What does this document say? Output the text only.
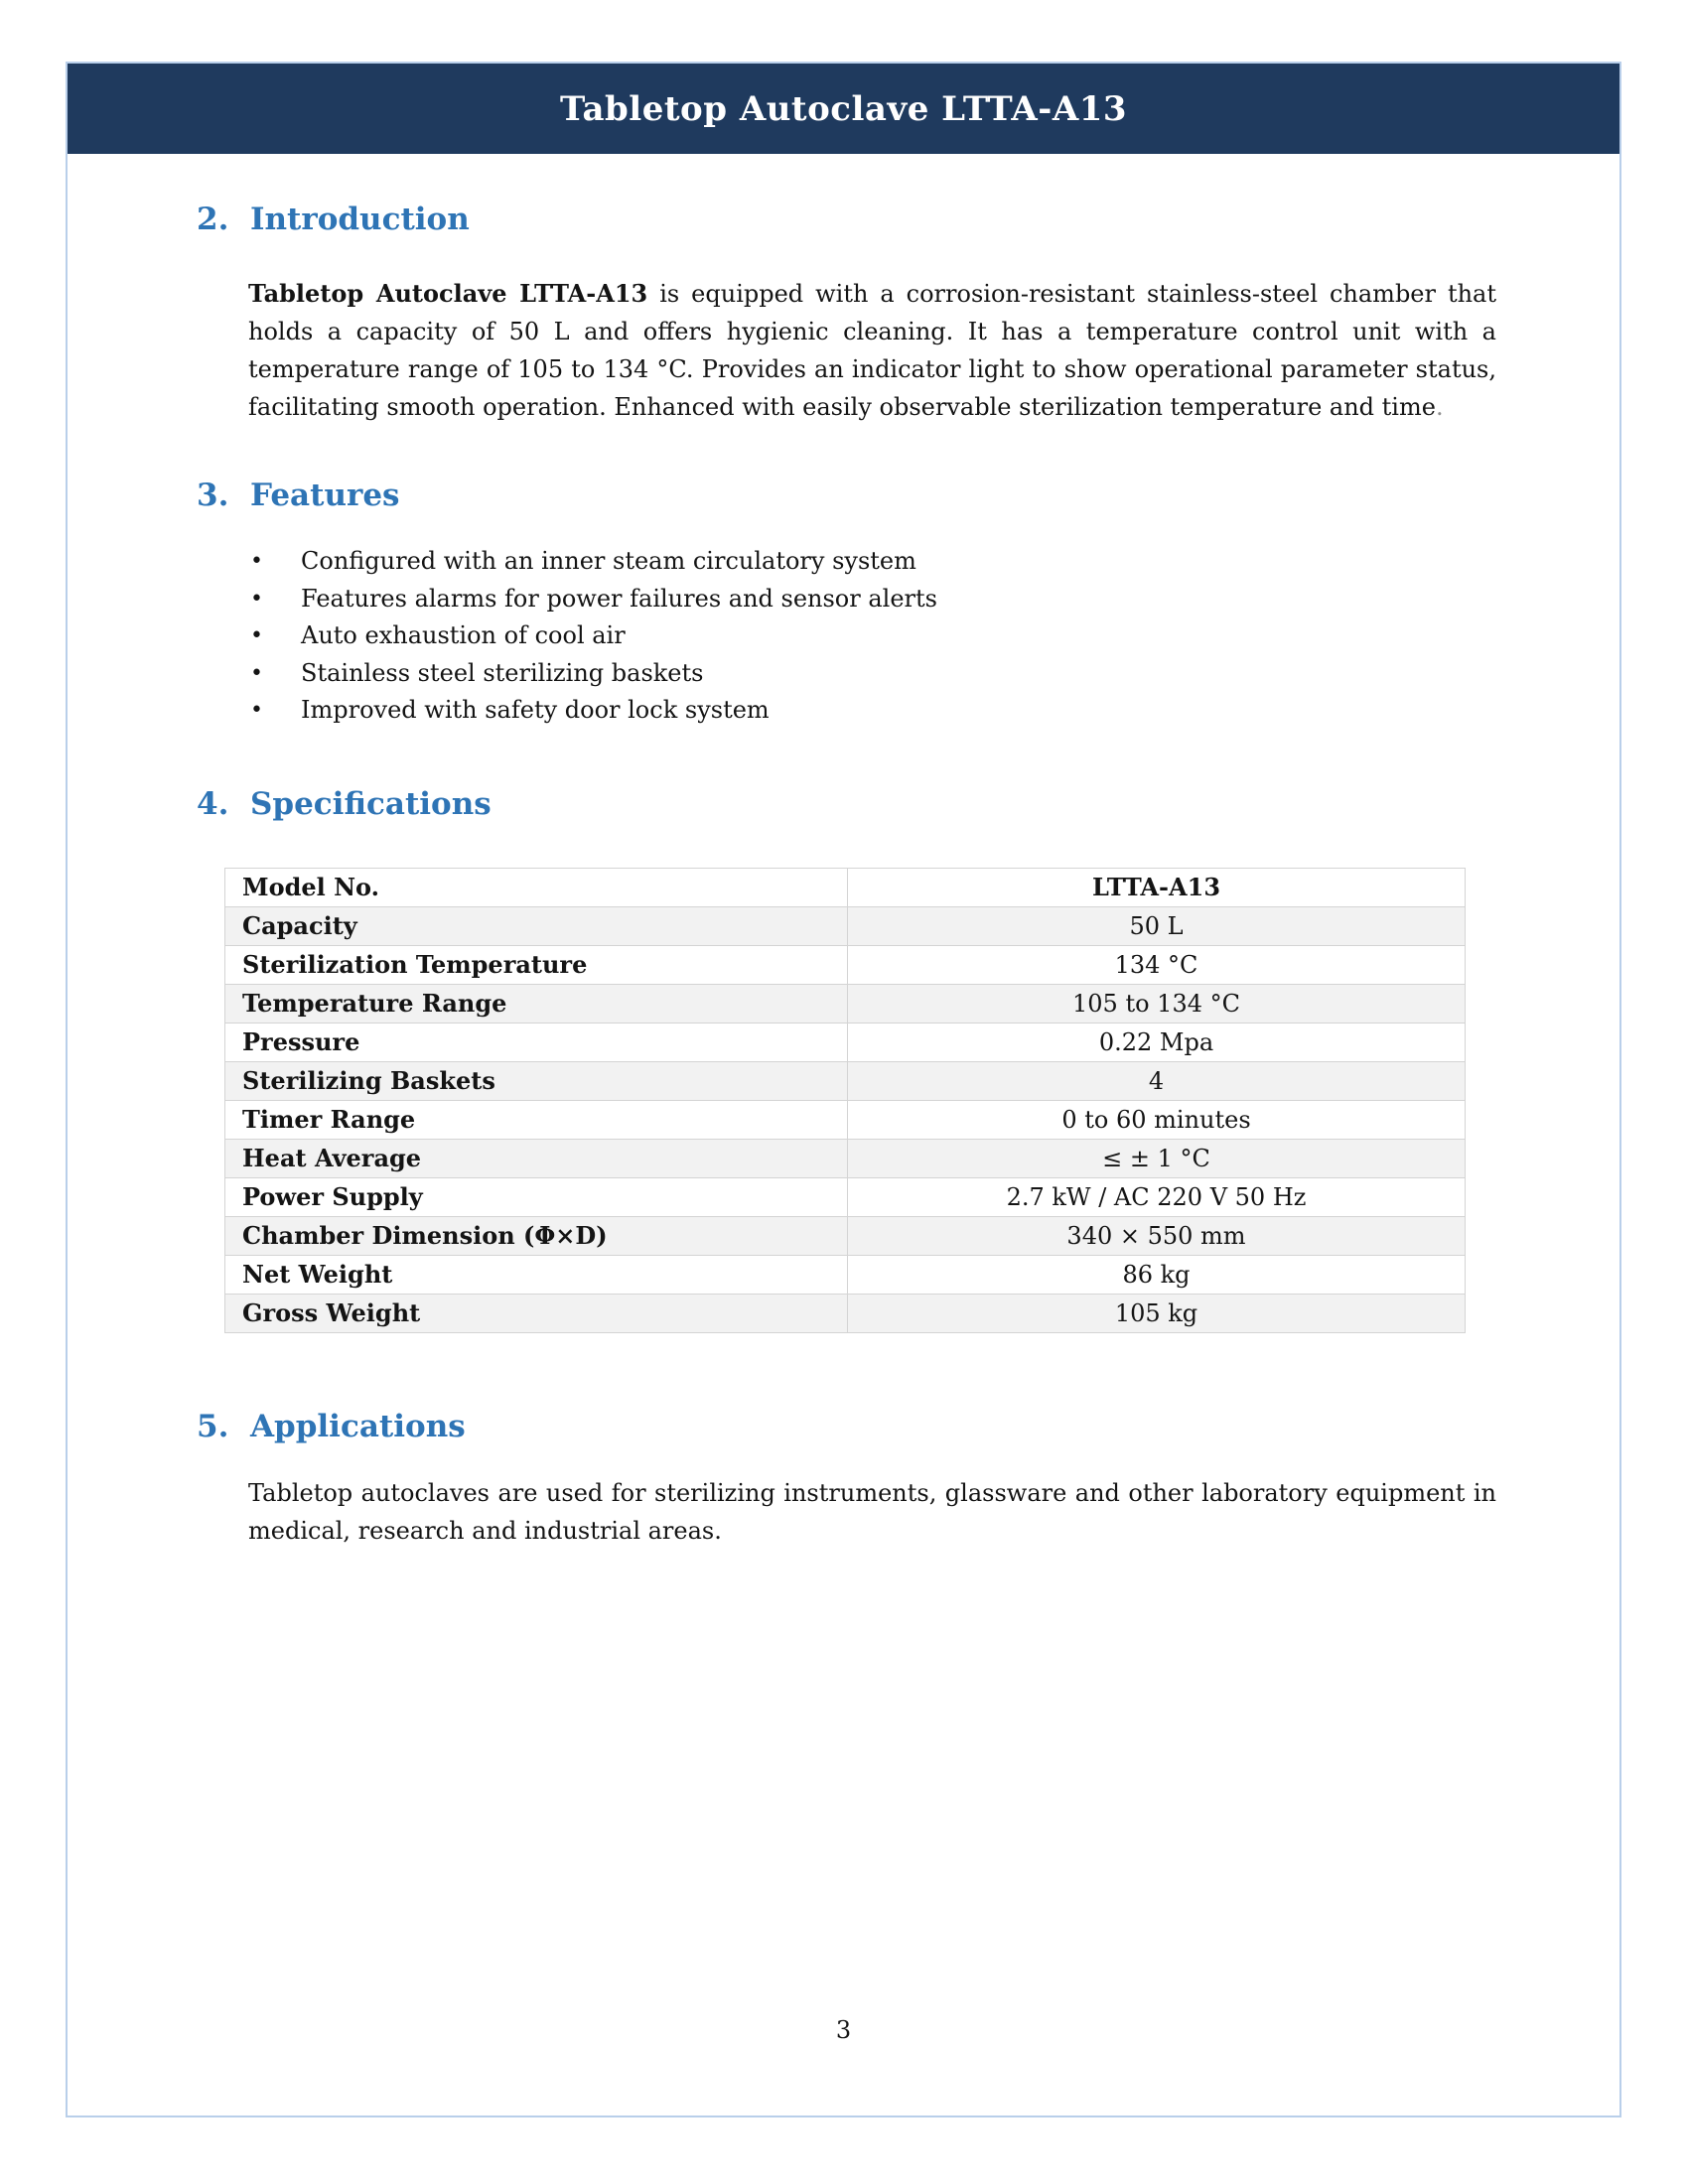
Tabletop Autoclave LTTA-A13
2. Introduction

Tabletop Autoclave LTTA-A13 is equipped with a corrosion-resistant stainless-steel chamber that holds a capacity of 50 L and offers hygienic cleaning. It has a temperature control unit with a temperature range of 105 to 134 °C. Provides an indicator light to show operational parameter status, facilitating smooth operation. Enhanced with easily observable sterilization temperature and time.

3. Features
•	Configured with an inner steam circulatory system
•	Features alarms for power failures and sensor alerts
•	Auto exhaustion of cool air
•	Stainless steel sterilizing baskets
•	Improved with safety door lock system
4. Specifications
Model No.	LTTA-A13
Capacity	50 L
Sterilization Temperature	134 °C
Temperature Range	105 to 134 °C
Pressure	0.22 Mpa
Sterilizing Baskets	4
Timer Range	0 to 60 minutes
Heat Average	≤ ± 1 °C
Power Supply	2.7 kW / AC 220 V 50 Hz
Chamber Dimension (Φ×D)	340 × 550 mm
Net Weight	86 kg
Gross Weight	105 kg
5. Applications

Tabletop autoclaves are used for sterilizing instruments, glassware and other laboratory equipment in medical, research and industrial areas.

3
